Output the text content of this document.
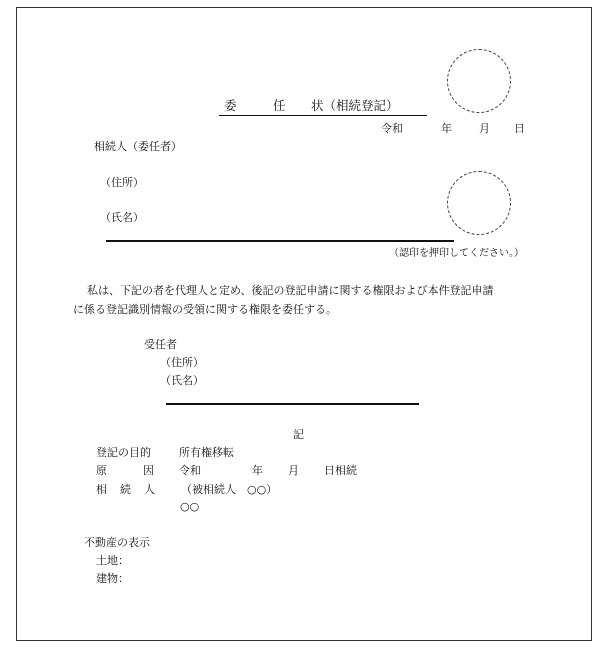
委	任 状（相続登記）
令和	年 月 日
相続人（委任者）
（住所）
（氏名）
（認印を押印してください。）
私は、下記の者を代理人と定め、後記の登記申請に関する権限および本件登記申請
に係る登記識別情報の受領に関する権限を委任する。
受任者
（住所）
（氏名）
記
登記の目的	所有権移転
原	因 令和	年 月 日相続
相 続 人 （被相続人　○○）
○○
不動産の表示
土地：
建物：
